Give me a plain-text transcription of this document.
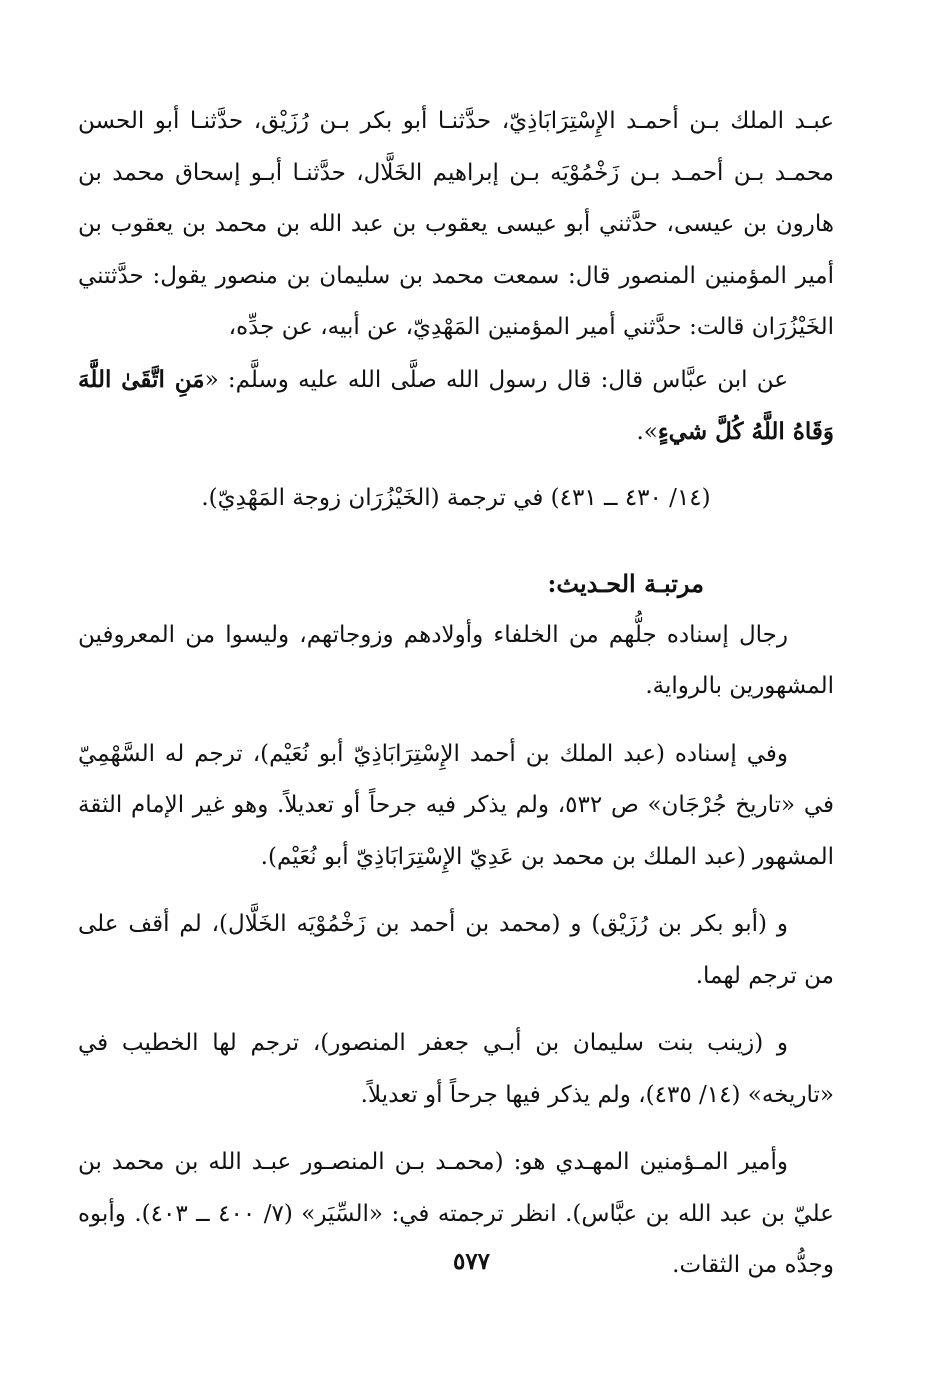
عبـد الملك بـن أحمـد الإِسْتِرَابَاذِيّ، حدَّثنـا أبو بكر بـن رُزَيْق، حدَّثنـا أبو الحسن محمـد بـن أحمـد بـن زَخْمُوْيَه بـن إبراهيم الخَلَّال، حدَّثنـا أبـو إسحاق محمد بن هارون بن عيسى، حدَّثني أبو عيسى يعقوب بن عبد الله بن محمد بن يعقوب بن أمير المؤمنين المنصور قال: سمعت محمد بن سليمان بن منصور يقول: حدَّثتني الخَيْزُرَان قالت: حدَّثني أمير المؤمنين المَهْدِيّ، عن أبيه، عن جدِّه،

عن ابن عبَّاس قال: قال رسول الله صلَّى الله عليه وسلَّم: «مَنِ اتَّقَىٰ اللَّهَ وَقَاهُ اللَّهُ كُلَّ شيءٍ».

(١٤/ ٤٣٠ ــ ٤٣١) في ترجمة (الخَيْزُرَان زوجة المَهْدِيّ).

مرتبـة الحـديث:

رجال إسناده جلُّهم من الخلفاء وأولادهم وزوجاتهم، وليسوا من المعروفين المشهورين بالرواية.

وفي إسناده (عبد الملك بن أحمد الإِسْتِرَابَاذِيّ أبو نُعَيْم)، ترجم له السَّهْمِيّ في «تاريخ جُرْجَان» ص ٥٣٢، ولم يذكر فيه جرحاً أو تعديلاً. وهو غير الإمام الثقة المشهور (عبد الملك بن محمد بن عَدِيّ الإِسْتِرَابَاذِيّ أبو نُعَيْم).

و (أبو بكر بن رُزَيْق) و (محمد بن أحمد بن زَخْمُوْيَه الخَلَّال)، لم أقف على من ترجم لهما.

و (زينب بنت سليمان بن أبـي جعفر المنصور)، ترجم لها الخطيب في «تاريخه» (١٤/ ٤٣٥)، ولم يذكر فيها جرحاً أو تعديلاً.

وأمير المـؤمنين المهـدي هو: (محمـد بـن المنصـور عبـد الله بن محمد بن عليّ بن عبد الله بن عبَّاس). انظر ترجمته في: «السِّيَر» (٧/ ٤٠٠ ــ ٤٠٣). وأبوه وجدُّه من الثقات.

٥٧٧
